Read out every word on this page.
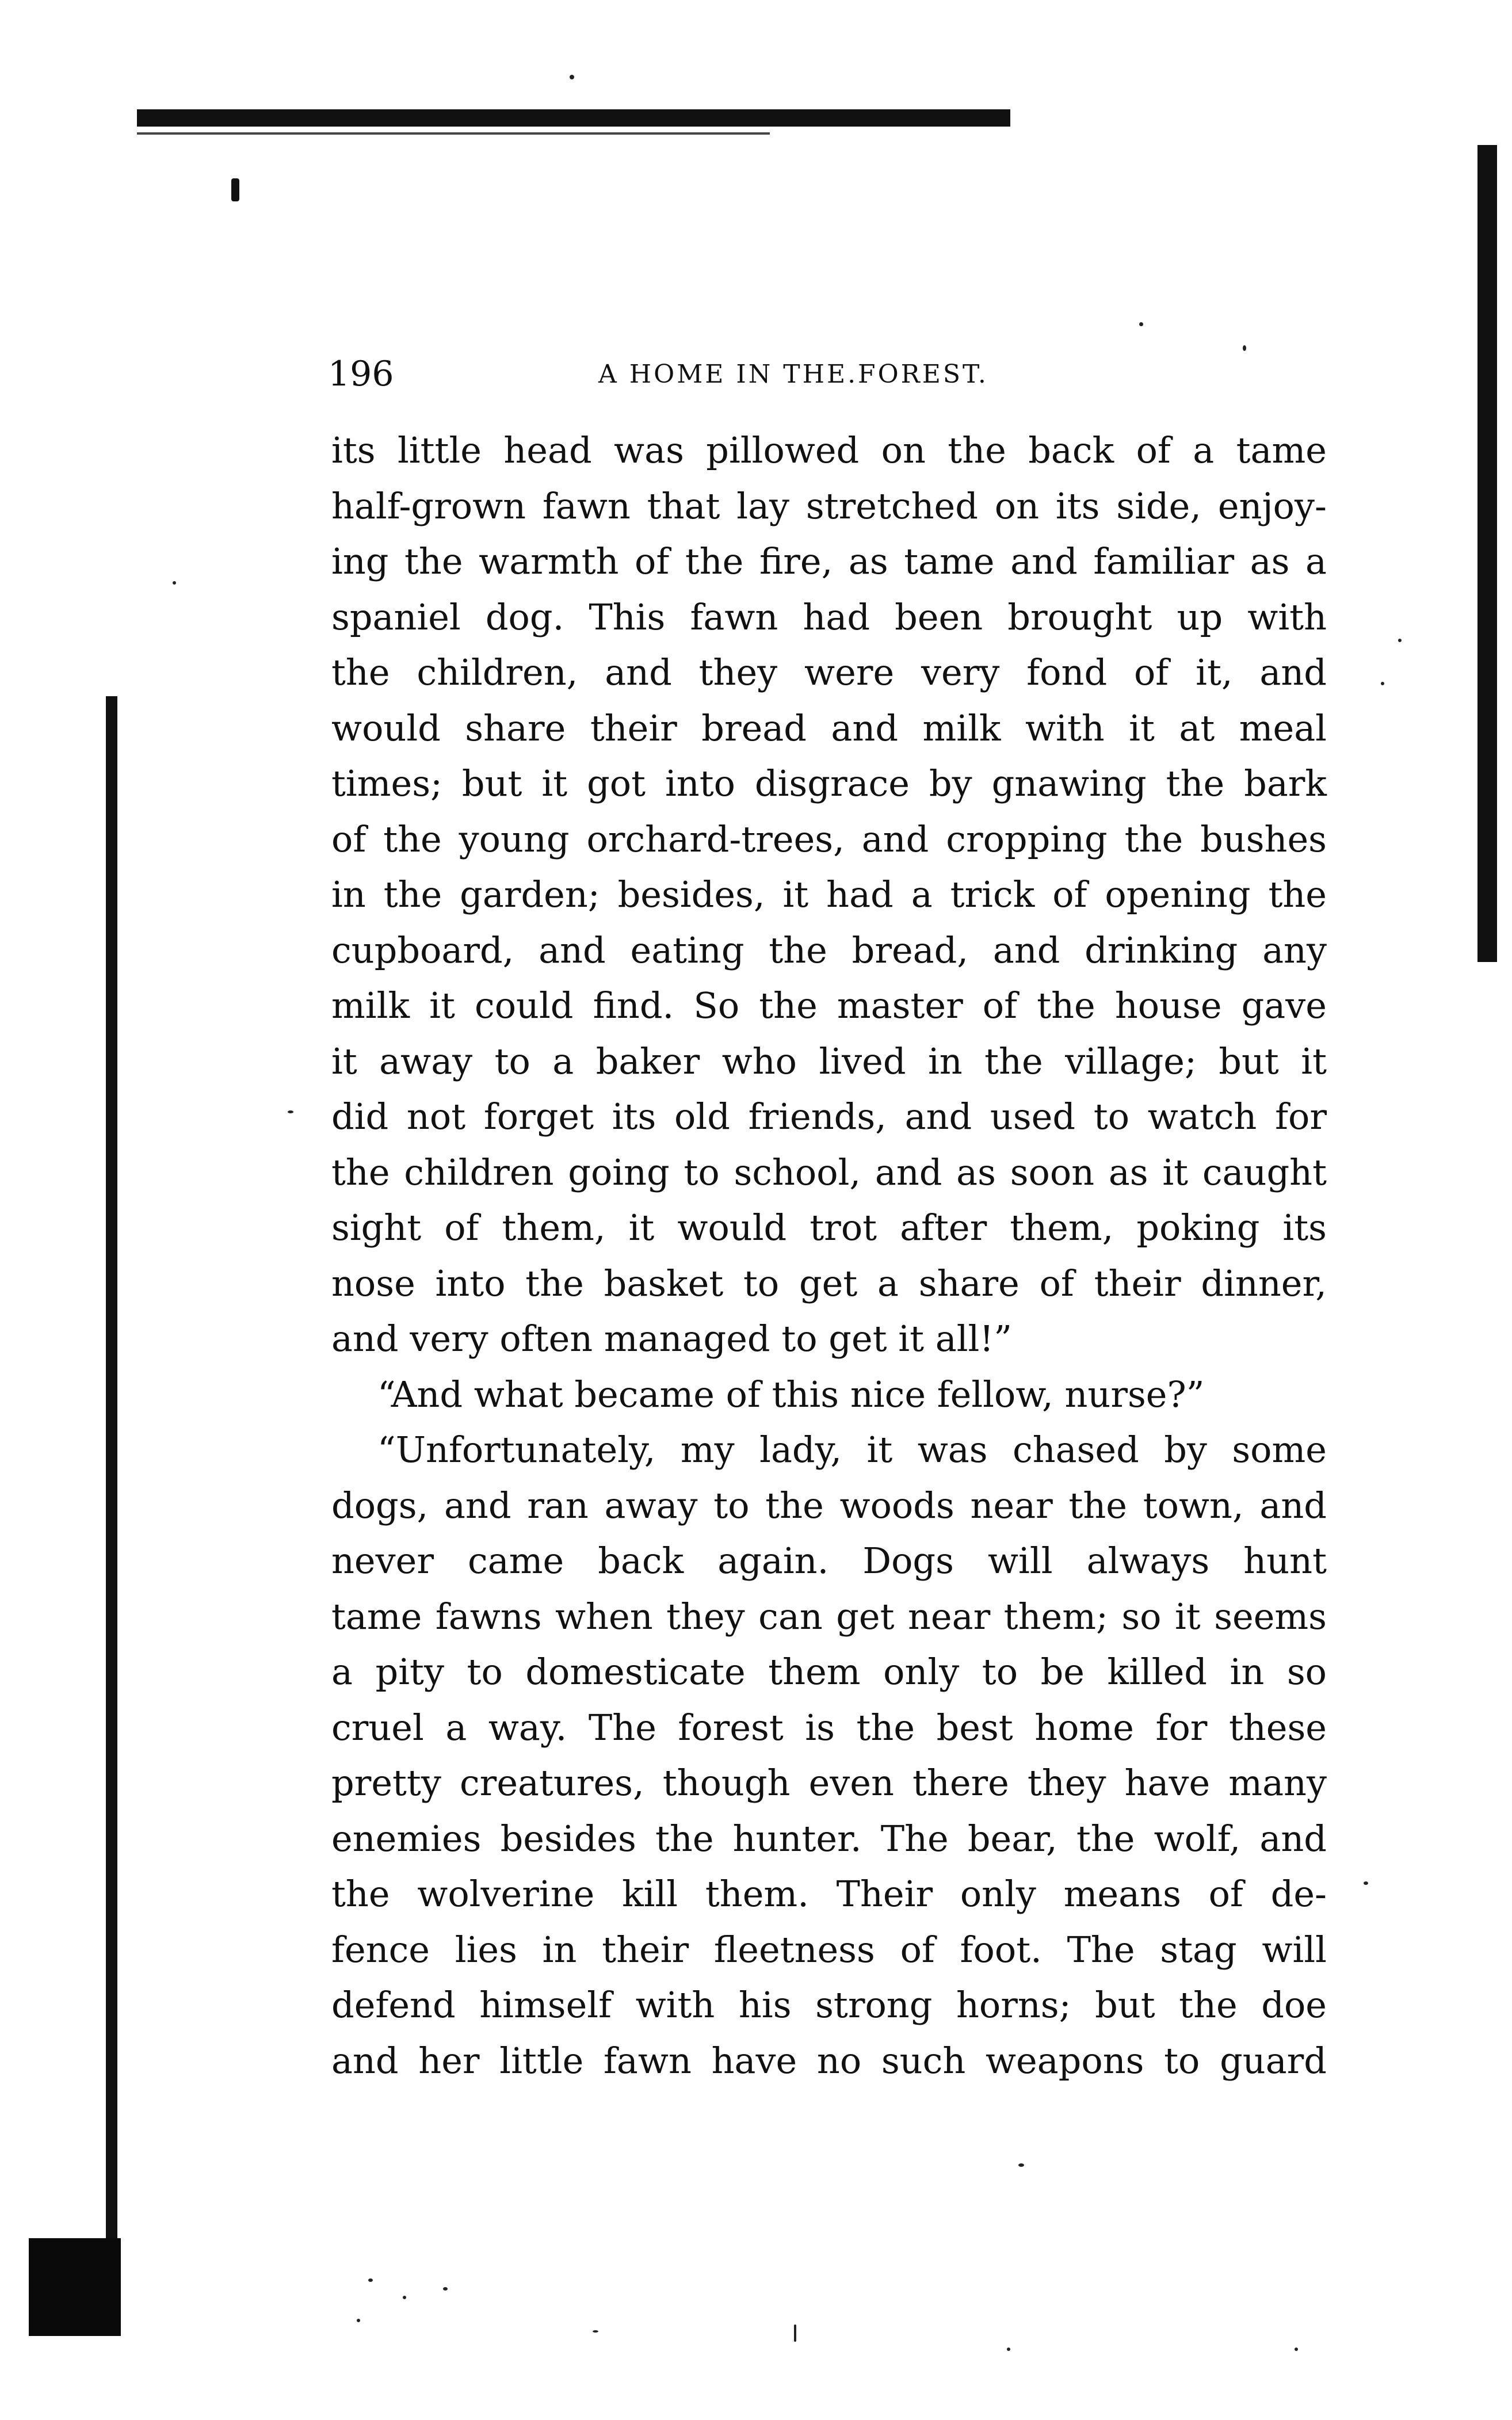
196	A HOME IN THE.FOREST.
its little head was pillowed on the back of a tame
half-grown fawn that lay stretched on its side, enjoy-
ing the warmth of the fire, as tame and familiar as a
spaniel dog. This fawn had been brought up with
the children, and they were very fond of it, and
would share their bread and milk with it at meal
times; but it got into disgrace by gnawing the bark
of the young orchard-trees, and cropping the bushes
in the garden; besides, it had a trick of opening the
cupboard, and eating the bread, and drinking any
milk it could find. So the master of the house gave
it away to a baker who lived in the village; but it
did not forget its old friends, and used to watch for
the children going to school, and as soon as it caught
sight of them, it would trot after them, poking its
nose into the basket to get a share of their dinner,
and very often managed to get it all!”
“And what became of this nice fellow, nurse?”
“Unfortunately, my lady, it was chased by some
dogs, and ran away to the woods near the town, and
never came back again. Dogs will always hunt
tame fawns when they can get near them; so it seems
a pity to domesticate them only to be killed in so
cruel a way. The forest is the best home for these
pretty creatures, though even there they have many
enemies besides the hunter. The bear, the wolf, and
the wolverine kill them. Their only means of de-
fence lies in their fleetness of foot. The stag will
defend himself with his strong horns; but the doe
and her little fawn have no such weapons to guard
